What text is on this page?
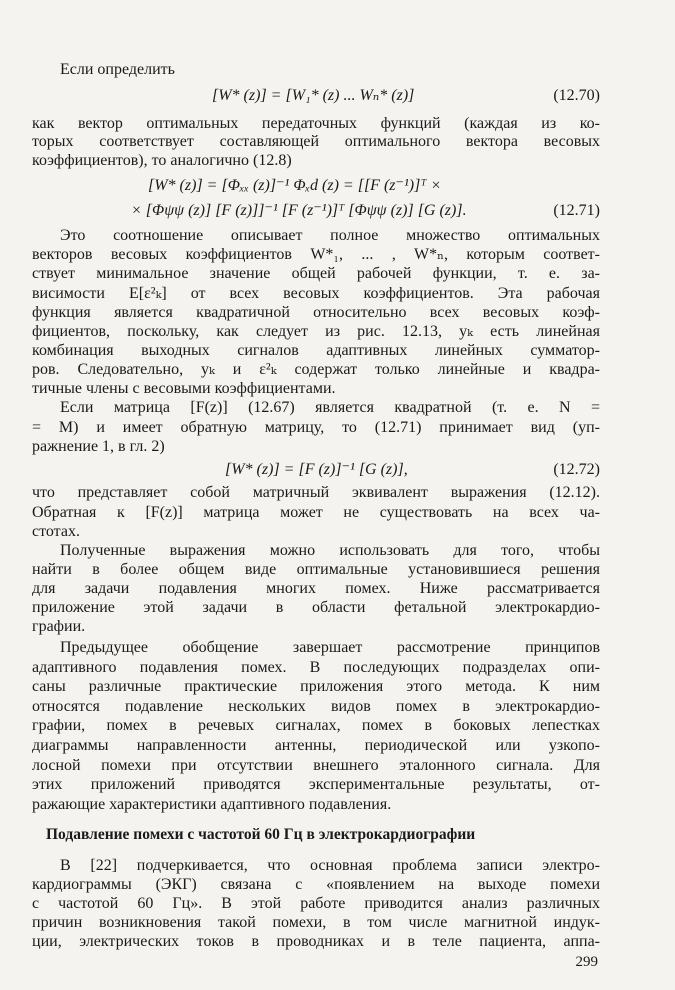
Если определить
[W* (z)] = [W₁* (z) ... Wₙ* (z)]	(12.70)
как вектор оптимальных передаточных функций (каждая из ко-
торых соответствует составляющей оптимального вектора весовых
коэффициентов), то аналогично (12.8)
[W* (z)] = [Φₓₓ (z)]⁻¹ Φₓd (z) = [[F (z⁻¹)]ᵀ ×
× [Φψψ (z)] [F (z)]]⁻¹ [F (z⁻¹)]ᵀ [Φψψ (z)] [G (z)].	(12.71)
Это соотношение описывает полное множество оптимальных
векторов весовых коэффициентов W*₁, ... , W*ₙ, которым соответ-
ствует минимальное значение общей рабочей функции, т. е. за-
висимости E[ε²ₖ] от всех весовых коэффициентов. Эта рабочая
функция является квадратичной относительно всех весовых коэф-
фициентов, поскольку, как следует из рис. 12.13, yₖ есть линейная
комбинация выходных сигналов адаптивных линейных сумматор-
ров. Следовательно, yₖ и ε²ₖ содержат только линейные и квадра-
тичные члены с весовыми коэффициентами.
Если матрица [F(z)] (12.67) является квадратной (т. е. N =
= M) и имеет обратную матрицу, то (12.71) принимает вид (уп-
ражнение 1, в гл. 2)
[W* (z)] = [F (z)]⁻¹ [G (z)],	(12.72)
что представляет собой матричный эквивалент выражения (12.12).
Обратная к [F(z)] матрица может не существовать на всех ча-
стотах.
Полученные выражения можно использовать для того, чтобы
найти в более общем виде оптимальные установившиеся решения
для задачи подавления многих помех. Ниже рассматривается
приложение этой задачи в области фетальной электрокардио-
графии.
Предыдущее обобщение завершает рассмотрение принципов
адаптивного подавления помех. В последующих подразделах опи-
саны различные практические приложения этого метода. К ним
относятся подавление нескольких видов помех в электрокардио-
графии, помех в речевых сигналах, помех в боковых лепестках
диаграммы направленности антенны, периодической или узкопо-
лосной помехи при отсутствии внешнего эталонного сигнала. Для
этих приложений приводятся экспериментальные результаты, от-
ражающие характеристики адаптивного подавления.
Подавление помехи с частотой 60 Гц в электрокардиографии
В [22] подчеркивается, что основная проблема записи электро-
кардиограммы (ЭКГ) связана с «появлением на выходе помехи
с частотой 60 Гц». В этой работе приводится анализ различных
причин возникновения такой помехи, в том числе магнитной индук-
ции, электрических токов в проводниках и в теле пациента, аппа-
299
